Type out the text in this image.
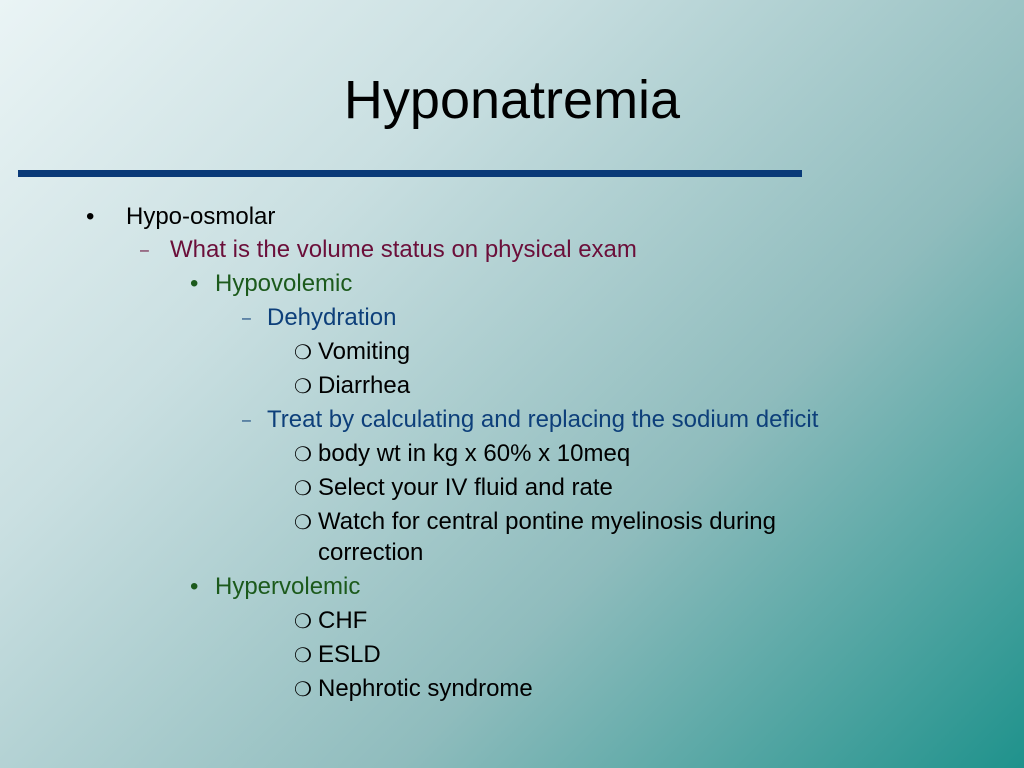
Hyponatremia
• Hypo-osmolar
– What is the volume status on physical exam
• Hypovolemic
– Dehydration
❍ Vomiting
❍ Diarrhea
– Treat by calculating and replacing the sodium deficit
❍ body wt in kg x 60% x 10meq
❍ Select your IV fluid and rate
❍ Watch for central pontine myelinosis during
correction
• Hypervolemic
❍ CHF
❍ ESLD
❍ Nephrotic syndrome
